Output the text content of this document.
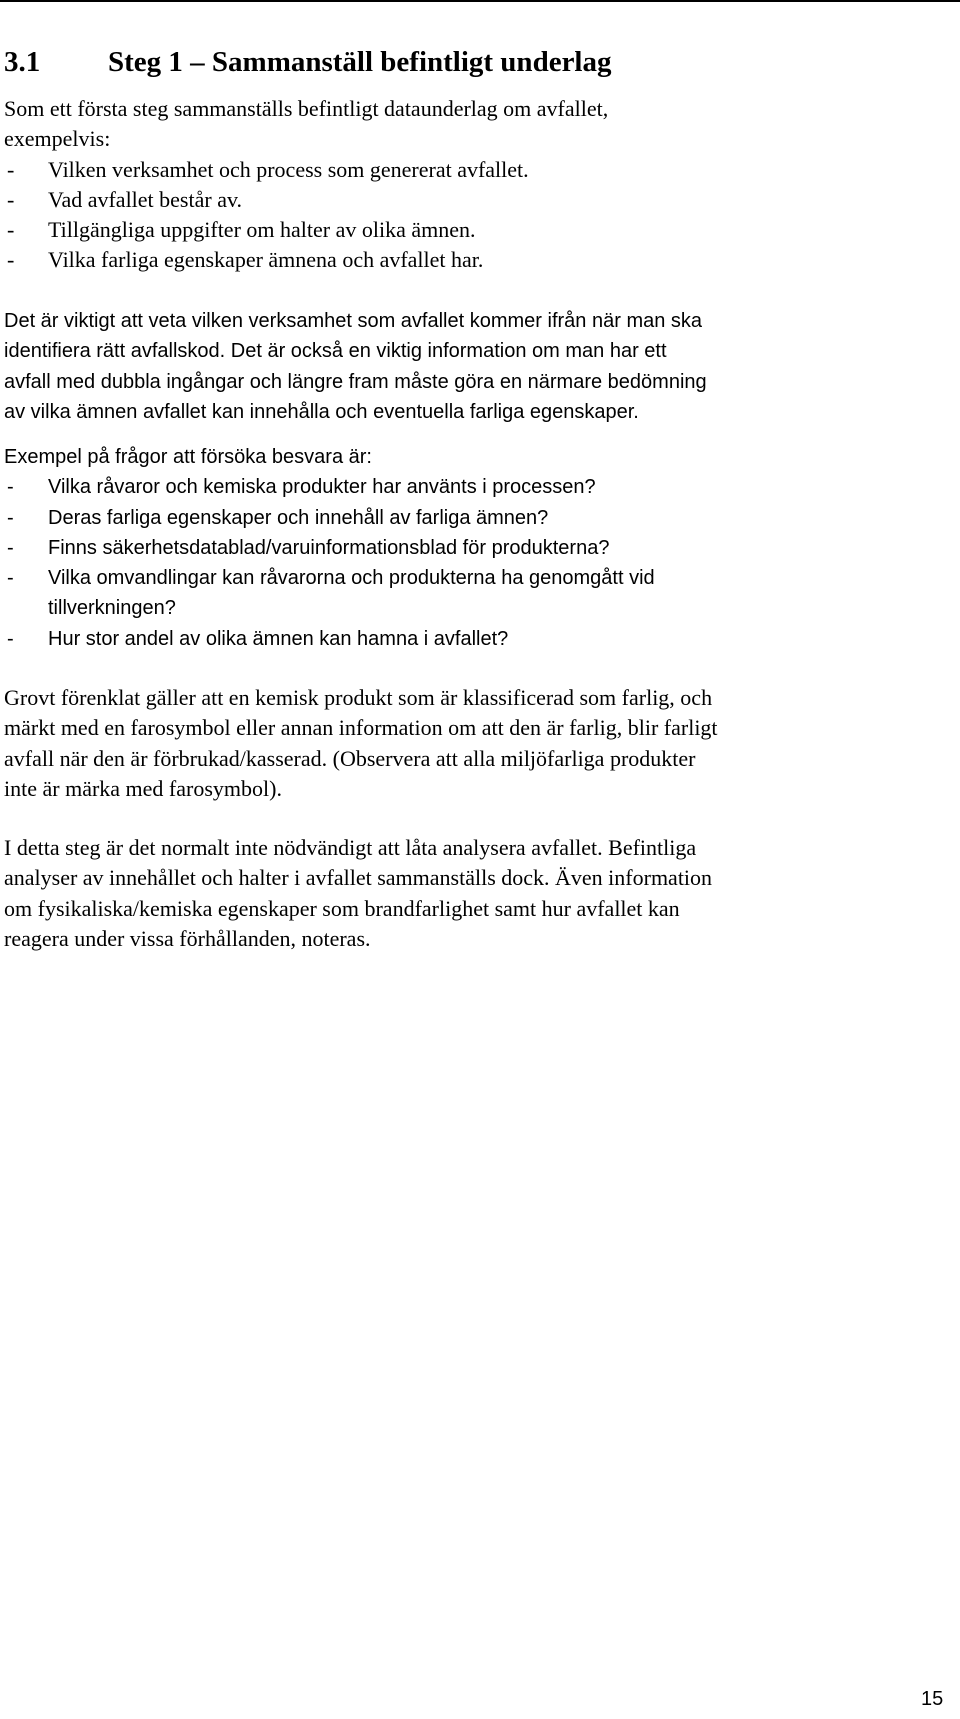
3.1 Steg 1 – Sammanställ befintligt underlag

Som ett första steg sammanställs befintligt dataunderlag om avfallet,

exempelvis:

-	Vilken verksamhet och process som genererat avfallet.
-	Vad avfallet består av.
-	Tillgängliga uppgifter om halter av olika ämnen.
-	Vilka farliga egenskaper ämnena och avfallet har.

Det är viktigt att veta vilken verksamhet som avfallet kommer ifrån när man ska

identifiera rätt avfallskod. Det är också en viktig information om man har ett

avfall med dubbla ingångar och längre fram måste göra en närmare bedömning

av vilka ämnen avfallet kan innehålla och eventuella farliga egenskaper.

Exempel på frågor att försöka besvara är:

-	Vilka råvaror och kemiska produkter har använts i processen?
-	Deras farliga egenskaper och innehåll av farliga ämnen?
-	Finns säkerhetsdatablad/varuinformationsblad för produkterna?
-	Vilka omvandlingar kan råvarorna och produkterna ha genomgått vid
tillverkningen?
-	Hur stor andel av olika ämnen kan hamna i avfallet?

Grovt förenklat gäller att en kemisk produkt som är klassificerad som farlig, och

märkt med en farosymbol eller annan information om att den är farlig, blir farligt

avfall när den är förbrukad/kasserad. (Observera att alla miljöfarliga produkter

inte är märka med farosymbol).

I detta steg är det normalt inte nödvändigt att låta analysera avfallet. Befintliga

analyser av innehållet och halter i avfallet sammanställs dock. Även information

om fysikaliska/kemiska egenskaper som brandfarlighet samt hur avfallet kan

reagera under vissa förhållanden, noteras.

15
